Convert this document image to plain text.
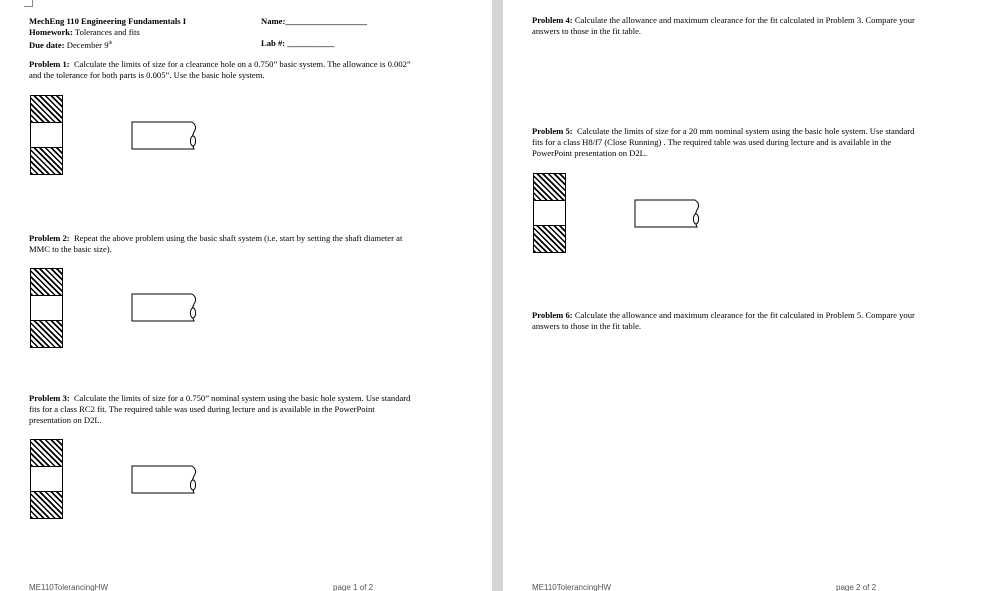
MechEng 110 Engineering Fundamentals I
Homework: Tolerances and fits
Due date: December 9th
Name:___________________
Lab #: ___________
Problem 1: Calculate the limits of size for a clearance hole on a 0.750” basic system. The allowance is 0.002”
and the tolerance for both parts is 0.005”. Use the basic hole system.
Problem 2: Repeat the above problem using the basic shaft system (i.e. start by setting the shaft diameter at
MMC to the basic size).
Problem 3: Calculate the limits of size for a 0.750” nominal system using the basic hole system. Use standard
fits for a class RC2 fit. The required table was used during lecture and is available in the PowerPoint
presentation on D2L.
ME110TolerancingHW	page 1 of 2
Problem 4: Calculate the allowance and maximum clearance for the fit calculated in Problem 3. Compare your
answers to those in the fit table.
Problem 5: Calculate the limits of size for a 20 mm nominal system using the basic hole system. Use standard
fits for a class H8/f7 (Close Running) . The required table was used during lecture and is available in the
PowerPoint presentation on D2L.
Problem 6: Calculate the allowance and maximum clearance for the fit calculated in Problem 5. Compare your
answers to those in the fit table.
ME110TolerancingHW	page 2 of 2
